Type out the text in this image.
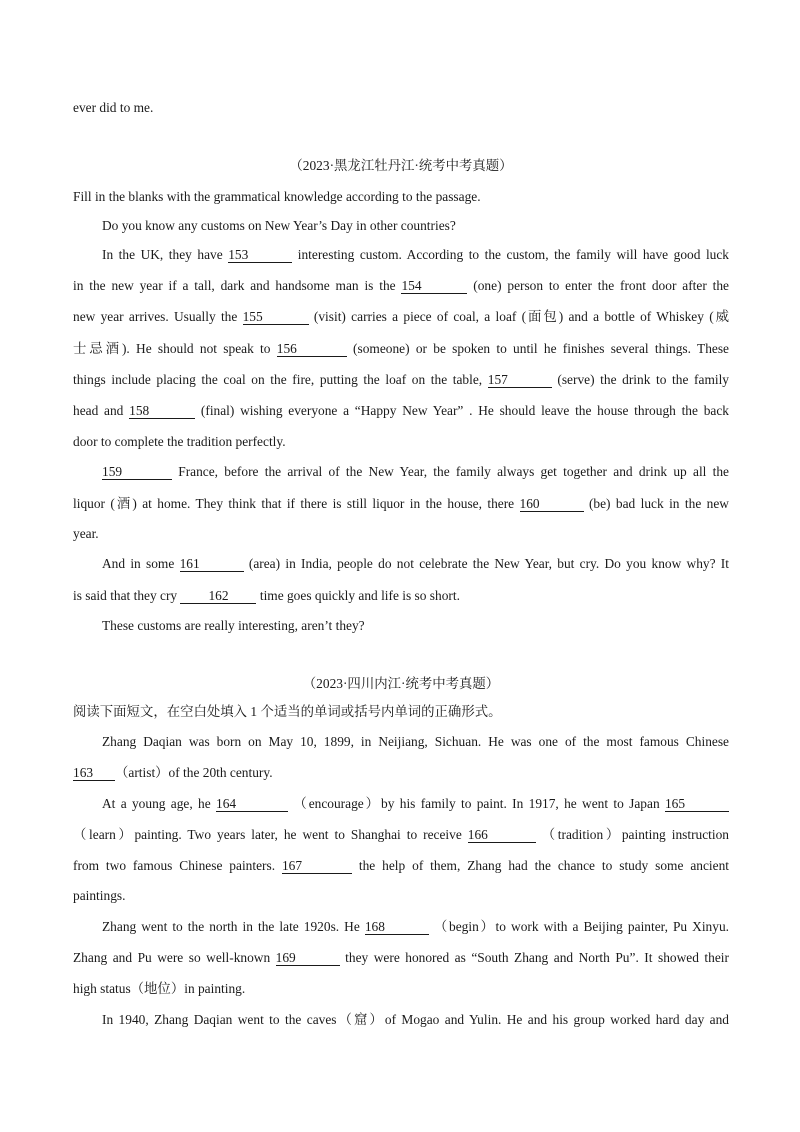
ever did to me.
（2023·黑龙江牡丹江·统考中考真题）
Fill in the blanks with the grammatical knowledge according to the passage.
Do you know any customs on New Year’s Day in other countries?
In the UK, they have 153	interesting custom. According to the custom, the family will have good luck
in the new year if a tall, dark and handsome man is the 154	(one) person to enter the front door after the
new year arrives. Usually the 155	(visit) carries a piece of coal, a loaf (面包) and a bottle of Whiskey (威
士忌酒). He should not speak to 156	(someone) or be spoken to until he finishes several things. These
things include placing the coal on the fire, putting the loaf on the table, 157	(serve) the drink to the family
head and 158	(final) wishing everyone a “Happy New Year” . He should leave the house through the back
door to complete the tradition perfectly.
159	France, before the arrival of the New Year, the family always get together and drink up all the
liquor (酒) at home. They think that if there is still liquor in the house, there 160	(be) bad luck in the new
year.
And in some 161	(area) in India, people do not celebrate the New Year, but cry. Do you know why? It
is said that they cry 162 time goes quickly and life is so short.
These customs are really interesting, aren’t they?
（2023·四川内江·统考中考真题）
阅读下面短文，在空白处填入 1 个适当的单词或括号内单词的正确形式。
Zhang Daqian was born on May 10, 1899, in Neijiang, Sichuan. He was one of the most famous Chinese
163 （artist）of the 20th century.
At a young age, he 164	（encourage）by his family to paint. In 1917, he went to Japan 165
（learn）painting. Two years later, he went to Shanghai to receive 166	（tradition）painting instruction
from two famous Chinese painters. 167	the help of them, Zhang had the chance to study some ancient
paintings.
Zhang went to the north in the late 1920s. He 168	（begin）to work with a Beijing painter, Pu Xinyu.
Zhang and Pu were so well-known 169	they were honored as “South Zhang and North Pu”. It showed their
high status（地位）in painting.
In 1940, Zhang Daqian went to the caves（窟）of Mogao and Yulin. He and his group worked hard day and
